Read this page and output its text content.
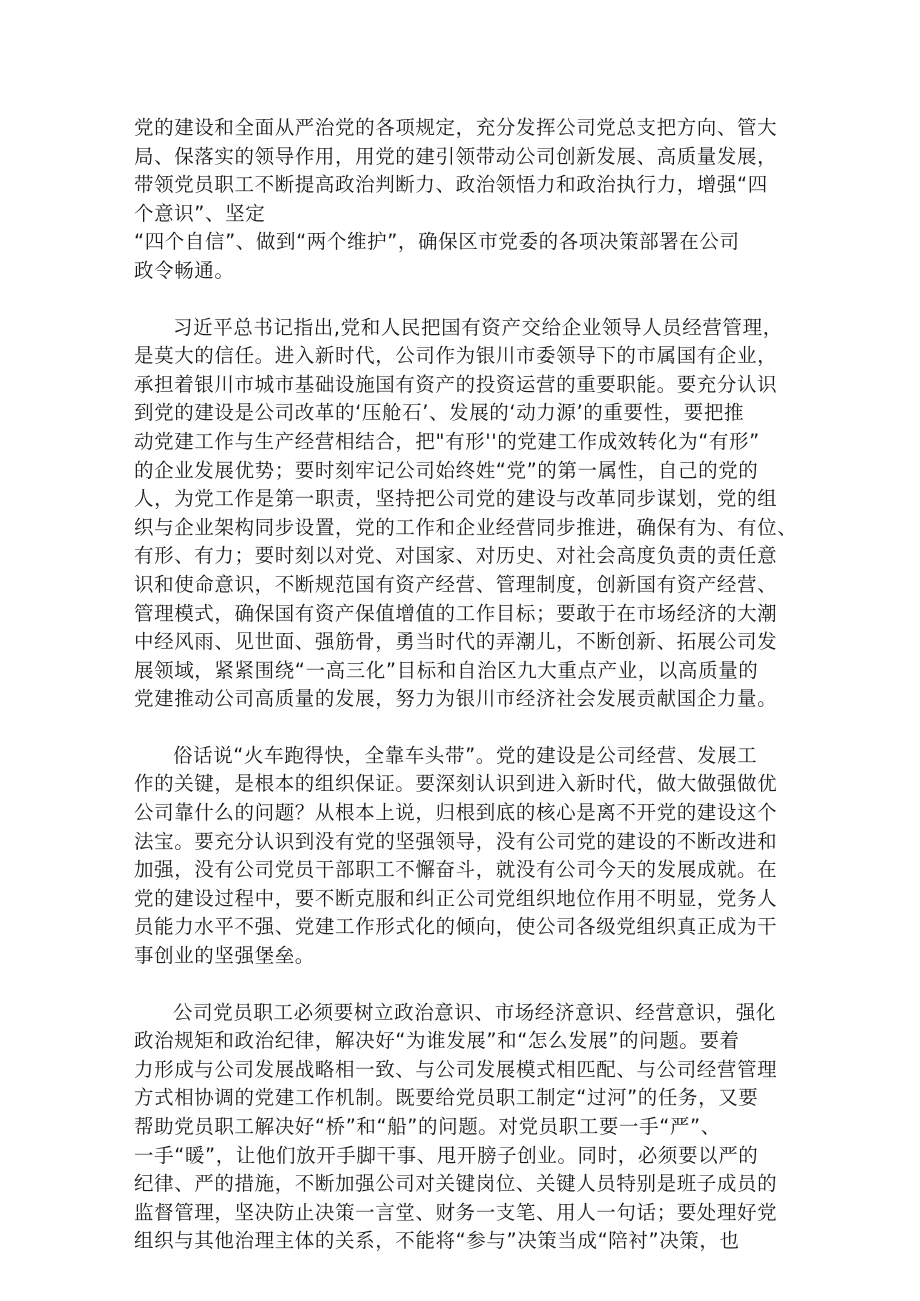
党的建设和全面从严治党的各项规定，充分发挥公司党总支把方向、管大
局、保落实的领导作用，用党的建引领带动公司创新发展、高质量发展，
带领党员职工不断提高政治判断力、政治领悟力和政治执行力，增强“四
个意识”、坚定
“四个自信”、做到“两个维护”，确保区市党委的各项决策部署在公司
政令畅通。

习近平总书记指出,党和人民把国有资产交给企业领导人员经营管理，
是莫大的信任。进入新时代，公司作为银川市委领导下的市属国有企业，
承担着银川市城市基础设施国有资产的投资运营的重要职能。要充分认识
到党的建设是公司改革的‘压舱石’、发展的‘动力源’的重要性，要把推
动党建工作与生产经营相结合，把"有形''的党建工作成效转化为“有形”
的企业发展优势；要时刻牢记公司始终姓“党”的第一属性，自己的党的
人，为党工作是第一职责，坚持把公司党的建设与改革同步谋划，党的组
织与企业架构同步设置，党的工作和企业经营同步推进，确保有为、有位、
有形、有力；要时刻以对党、对国家、对历史、对社会高度负责的责任意
识和使命意识，不断规范国有资产经营、管理制度，创新国有资产经营、
管理模式，确保国有资产保值增值的工作目标；要敢于在市场经济的大潮
中经风雨、见世面、强筋骨，勇当时代的弄潮儿，不断创新、拓展公司发
展领域，紧紧围绕“一高三化”目标和自治区九大重点产业，以高质量的
党建推动公司高质量的发展，努力为银川市经济社会发展贡献国企力量。

俗话说“火车跑得快，全靠车头带”。党的建设是公司经营、发展工
作的关键，是根本的组织保证。要深刻认识到进入新时代，做大做强做优
公司靠什么的问题？从根本上说，归根到底的核心是离不开党的建设这个
法宝。要充分认识到没有党的坚强领导，没有公司党的建设的不断改进和
加强，没有公司党员干部职工不懈奋斗，就没有公司今天的发展成就。在
党的建设过程中，要不断克服和纠正公司党组织地位作用不明显，党务人
员能力水平不强、党建工作形式化的倾向，使公司各级党组织真正成为干
事创业的坚强堡垒。

公司党员职工必须要树立政治意识、市场经济意识、经营意识，强化
政治规矩和政治纪律，解决好“为谁发展”和“怎么发展”的问题。要着
力形成与公司发展战略相一致、与公司发展模式相匹配、与公司经营管理
方式相协调的党建工作机制。既要给党员职工制定“过河”的任务，又要
帮助党员职工解决好“桥”和“船”的问题。对党员职工要一手“严”、
一手“暖”，让他们放开手脚干事、甩开膀子创业。同时，必须要以严的
纪律、严的措施，不断加强公司对关键岗位、关键人员特别是班子成员的
监督管理，坚决防止决策一言堂、财务一支笔、用人一句话；要处理好党
组织与其他治理主体的关系，不能将“参与”决策当成“陪衬”决策，也
